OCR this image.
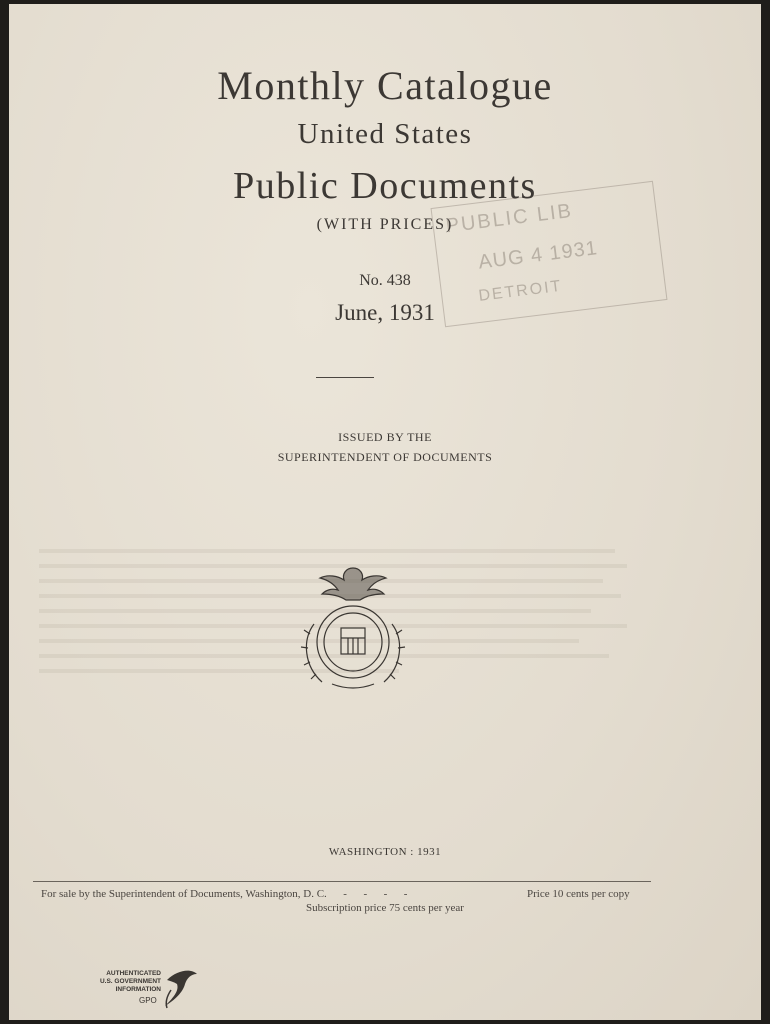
PUBLIC LIB
AUG 4 1931
DETROIT
Monthly Catalogue
United States
Public Documents
(WITH PRICES)
No. 438
June, 1931
ISSUED BY THE
SUPERINTENDENT OF DOCUMENTS
WASHINGTON : 1931
For sale by the Superintendent of Documents, Washington, D. C.      -      -      -      -	Price 10 cents per copy
Subscription price 75 cents per year
AUTHENTICATED
U.S. GOVERNMENT
INFORMATION
GPO
